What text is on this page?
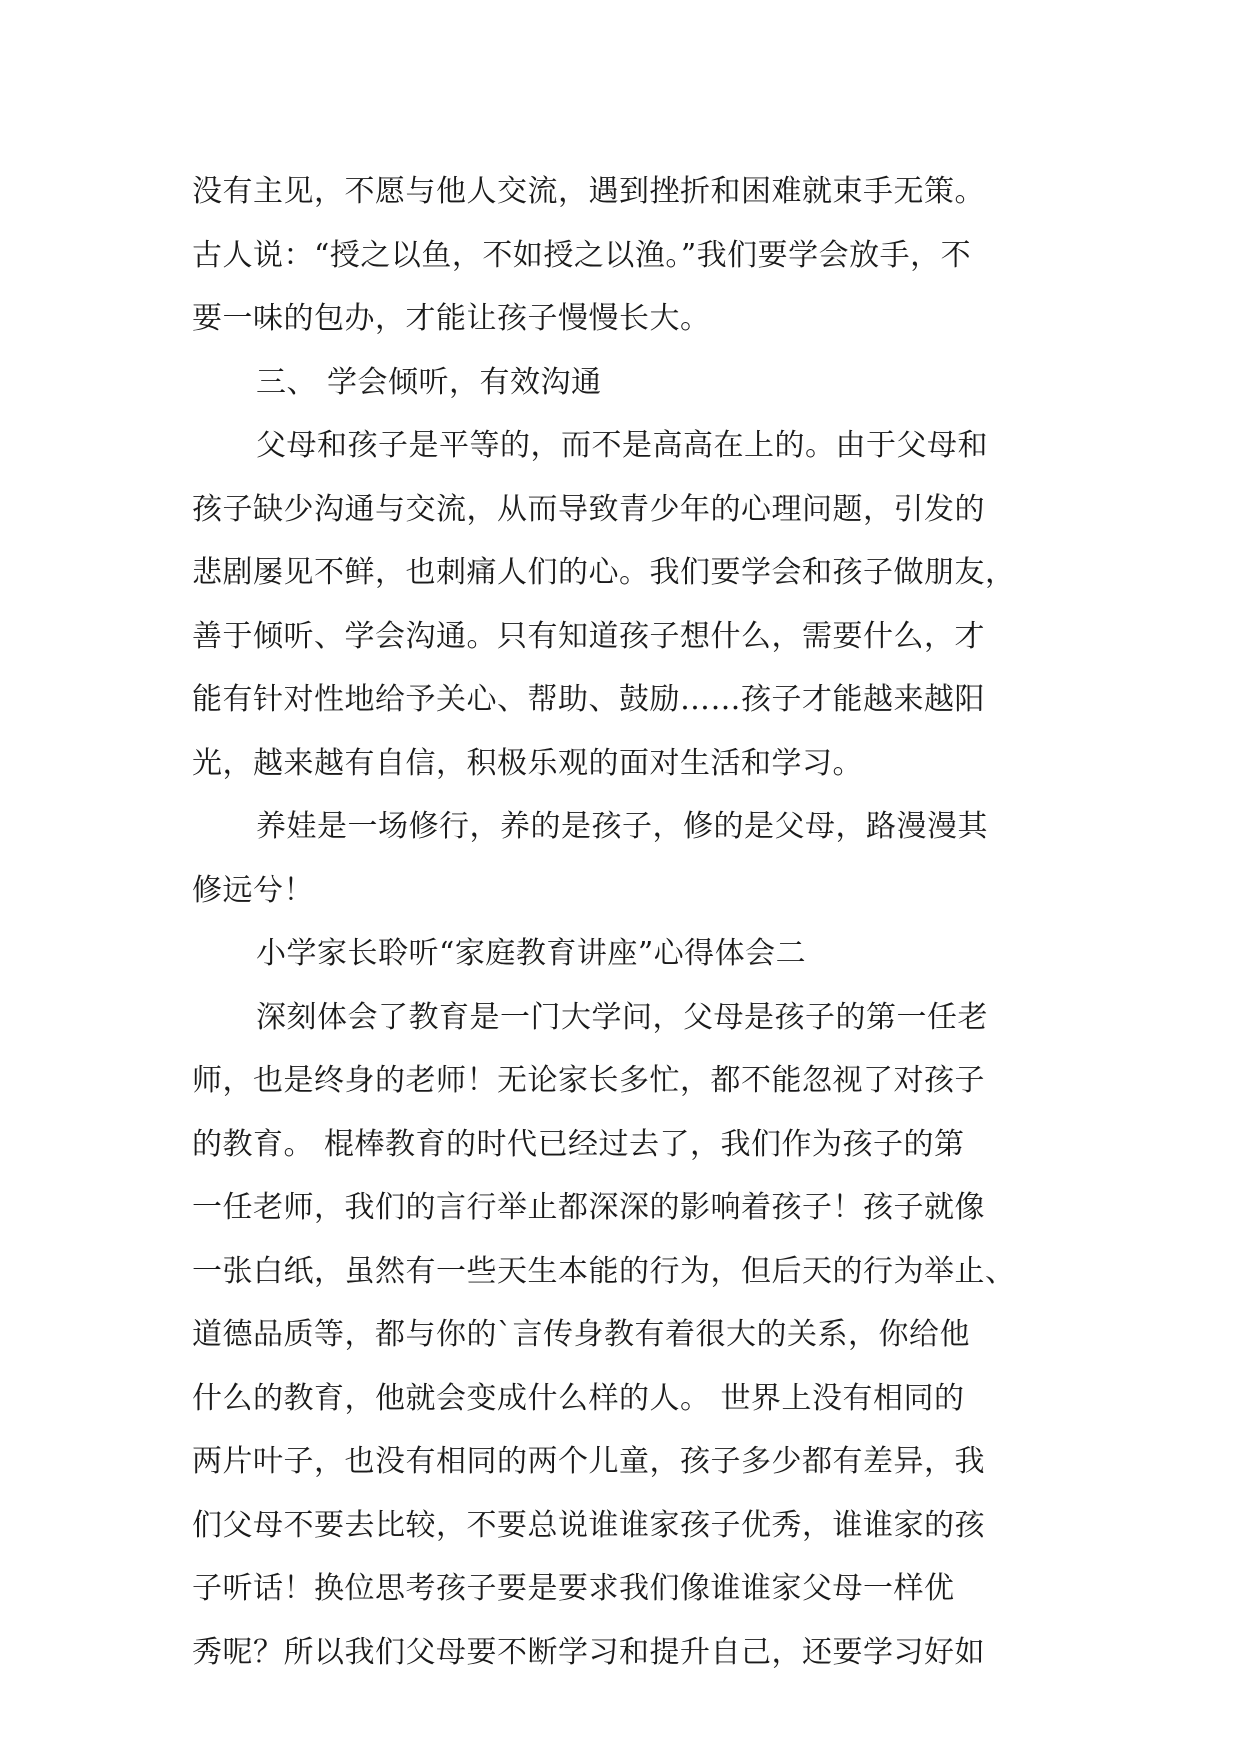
没有主见，不愿与他人交流，遇到挫折和困难就束手无策。
古人说：“授之以鱼，不如授之以渔。”我们要学会放手，不
要一味的包办，才能让孩子慢慢长大。
三、 学会倾听，有效沟通
父母和孩子是平等的，而不是高高在上的。由于父母和
孩子缺少沟通与交流，从而导致青少年的心理问题，引发的
悲剧屡见不鲜，也刺痛人们的心。我们要学会和孩子做朋友，
善于倾听、学会沟通。只有知道孩子想什么，需要什么，才
能有针对性地给予关心、帮助、鼓励……孩子才能越来越阳
光，越来越有自信，积极乐观的面对生活和学习。
养娃是一场修行，养的是孩子，修的是父母，路漫漫其
修远兮！
小学家长聆听“家庭教育讲座”心得体会二
深刻体会了教育是一门大学问，父母是孩子的第一任老
师，也是终身的老师！无论家长多忙，都不能忽视了对孩子
的教育。 棍棒教育的时代已经过去了，我们作为孩子的第
一任老师，我们的言行举止都深深的影响着孩子！孩子就像
一张白纸，虽然有一些天生本能的行为，但后天的行为举止、
道德品质等，都与你的`言传身教有着很大的关系，你给他
什么的教育，他就会变成什么样的人。 世界上没有相同的
两片叶子，也没有相同的两个儿童，孩子多少都有差异，我
们父母不要去比较，不要总说谁谁家孩子优秀，谁谁家的孩
子听话！换位思考孩子要是要求我们像谁谁家父母一样优
秀呢？所以我们父母要不断学习和提升自己，还要学习好如
